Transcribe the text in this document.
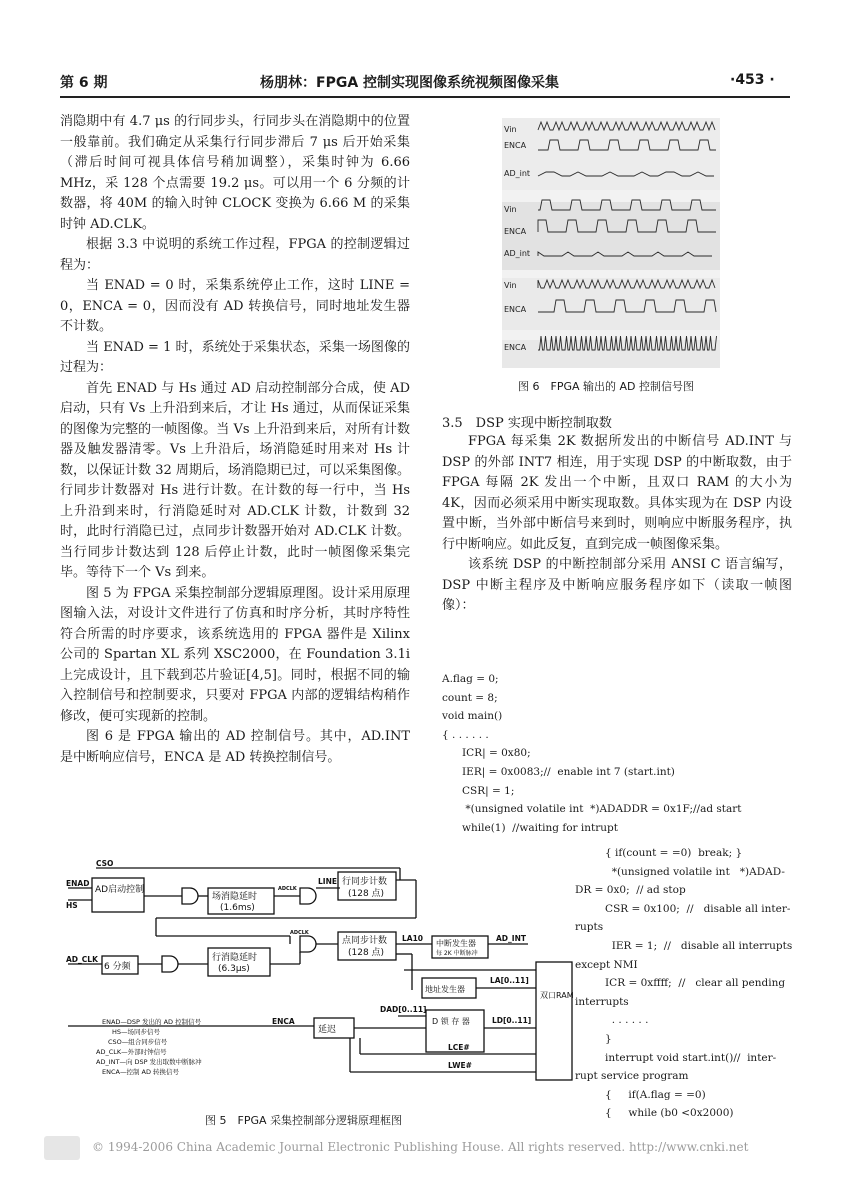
第 6 期	杨朋林：FPGA 控制实现图像系统视频图像采集	·453 ·

消隐期中有 4.7 μs 的行同步头，行同步头在消隐期中的位置一般靠前。我们确定从采集行行同步滞后 7 μs 后开始采集（滞后时间可视具体信号稍加调整），采集时钟为 6.66 MHz，采 128 个点需要 19.2 μs。可以用一个 6 分频的计数器，将 40M 的输入时钟 CLOCK 变换为 6.66 M 的采集时钟 AD.CLK。

根据 3.3 中说明的系统工作过程，FPGA 的控制逻辑过程为：

当 ENAD = 0 时，采集系统停止工作，这时 LINE = 0，ENCA = 0，因而没有 AD 转换信号，同时地址发生器不计数。

当 ENAD = 1 时，系统处于采集状态，采集一场图像的过程为：

首先 ENAD 与 Hs 通过 AD 启动控制部分合成，使 AD 启动，只有 Vs 上升沿到来后，才让 Hs 通过，从而保证采集的图像为完整的一帧图像。当 Vs 上升沿到来后，对所有计数器及触发器清零。Vs 上升沿后，场消隐延时用来对 Hs 计数，以保证计数 32 周期后，场消隐期已过，可以采集图像。行同步计数器对 Hs 进行计数。在计数的每一行中，当 Hs 上升沿到来时，行消隐延时对 AD.CLK 计数，计数到 32 时，此时行消隐已过，点同步计数器开始对 AD.CLK 计数。当行同步计数达到 128 后停止计数，此时一帧图像采集完毕。等待下一个 Vs 到来。

图 5 为 FPGA 采集控制部分逻辑原理图。设计采用原理图输入法，对设计文件进行了仿真和时序分析，其时序特性符合所需的时序要求，该系统选用的 FPGA 器件是 Xilinx 公司的 Spartan XL 系列 XSC2000，在 Foundation 3.1i 上完成设计，且下载到芯片验证[4,5]。同时，根据不同的输入控制信号和控制要求，只要对 FPGA 内部的逻辑结构稍作修改，便可实现新的控制。

图 6 是 FPGA 输出的 AD 控制信号。其中，AD.INT 是中断响应信号，ENCA 是 AD 转换控制信号。

Vin
ENCA
AD_int
Vin
ENCA
AD_int
Vin
ENCA
ENCA
图 6　FPGA 输出的 AD 控制信号图
3.5　DSP 实现中断控制取数

FPGA 每采集 2K 数据所发出的中断信号 AD.INT 与 DSP 的外部 INT7 相连，用于实现 DSP 的中断取数，由于 FPGA 每隔 2K 发出一个中断，且双口 RAM 的大小为 4K，因而必须采用中断实现取数。具体实现为在 DSP 内设置中断，当外部中断信号来到时，则响应中断服务程序，执行中断响应。如此反复，直到完成一帧图像采集。

该系统 DSP 的中断控制部分采用 ANSI C 语言编写，DSP 中断主程序及中断响应服务程序如下（读取一帧图像）：

A.flag = 0;
count = 8;
void main()
{ . . . . . .
ICR| = 0x80;
IER| = 0x0083;//  enable int 7 (start.int)
CSR| = 1;
*(unsigned volatile int  *)ADADDR = 0x1F;//ad start
while(1)  //waiting for intrupt
{ if(count = =0)  break; }
*(unsigned volatile int   *)ADAD-
DR = 0x0;  // ad stop
CSR = 0x100;  //   disable all inter-
rupts
IER = 1;  //   disable all interrupts
except NMI
ICR = 0xffff;  //   clear all pending
interrupts
. . . . . .
}
interrupt void start.int()//  inter-
rupt service program
{     if(A.flag = =0)
{     while (b0 <0x2000)
CSO
ENAD
HS
AD_CLK
LINE
AD_INT
LA10
LA[0..11]
DAD[0..11]
LD[0..11]
ENCA
LCE#
LWE#
ADCLK
ADCLK
AD启动控制
场消隐延时
(1.6ms)
行同步计数
(128 点)
点同步计数
(128 点)
行消隐延时
(6.3μs)
6 分频
中断发生器
每 2K 中断脉冲
地址发生器
D 锁 存 器
延迟
双口RAM
ENAD—DSP 发出的 AD 控制信号
HS—场同步信号
CSO—组合同步信号
AD_CLK—外部时钟信号
AD_INT—向 DSP 发出取数中断脉冲
ENCA—控制 AD 转换信号
图 5　FPGA 采集控制部分逻辑原理框图
© 1994-2006 China Academic Journal Electronic Publishing House. All rights reserved. http://www.cnki.net
